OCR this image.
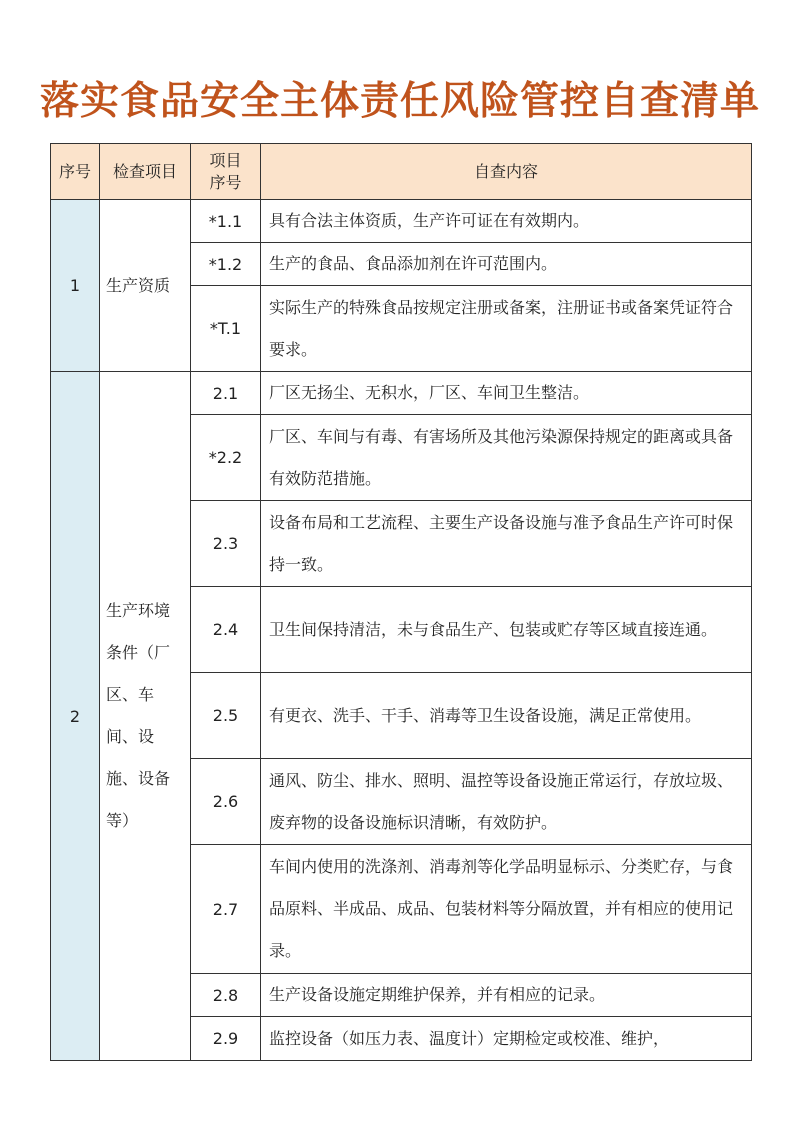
落实食品安全主体责任风险管控自查清单
序号	检查项目	项目序号	自查内容
1	生产资质	*1.1	具有合法主体资质，生产许可证在有效期内。
		*1.2	生产的食品、食品添加剂在许可范围内。
		*T.1	实际生产的特殊食品按规定注册或备案，注册证书或备案凭证符合要求。
2	生产环境条件（厂区、车间、设施、设备等）	2.1	厂区无扬尘、无积水，厂区、车间卫生整洁。
		*2.2	厂区、车间与有毒、有害场所及其他污染源保持规定的距离或具备有效防范措施。
		2.3	设备布局和工艺流程、主要生产设备设施与准予食品生产许可时保持一致。
		2.4	卫生间保持清洁，未与食品生产、包装或贮存等区域直接连通。
		2.5	有更衣、洗手、干手、消毒等卫生设备设施，满足正常使用。
		2.6	通风、防尘、排水、照明、温控等设备设施正常运行，存放垃圾、废弃物的设备设施标识清晰，有效防护。
		2.7	车间内使用的洗涤剂、消毒剂等化学品明显标示、分类贮存，与食品原料、半成品、成品、包装材料等分隔放置，并有相应的使用记录。
		2.8	生产设备设施定期维护保养，并有相应的记录。
		2.9	监控设备（如压力表、温度计）定期检定或校准、维护，
